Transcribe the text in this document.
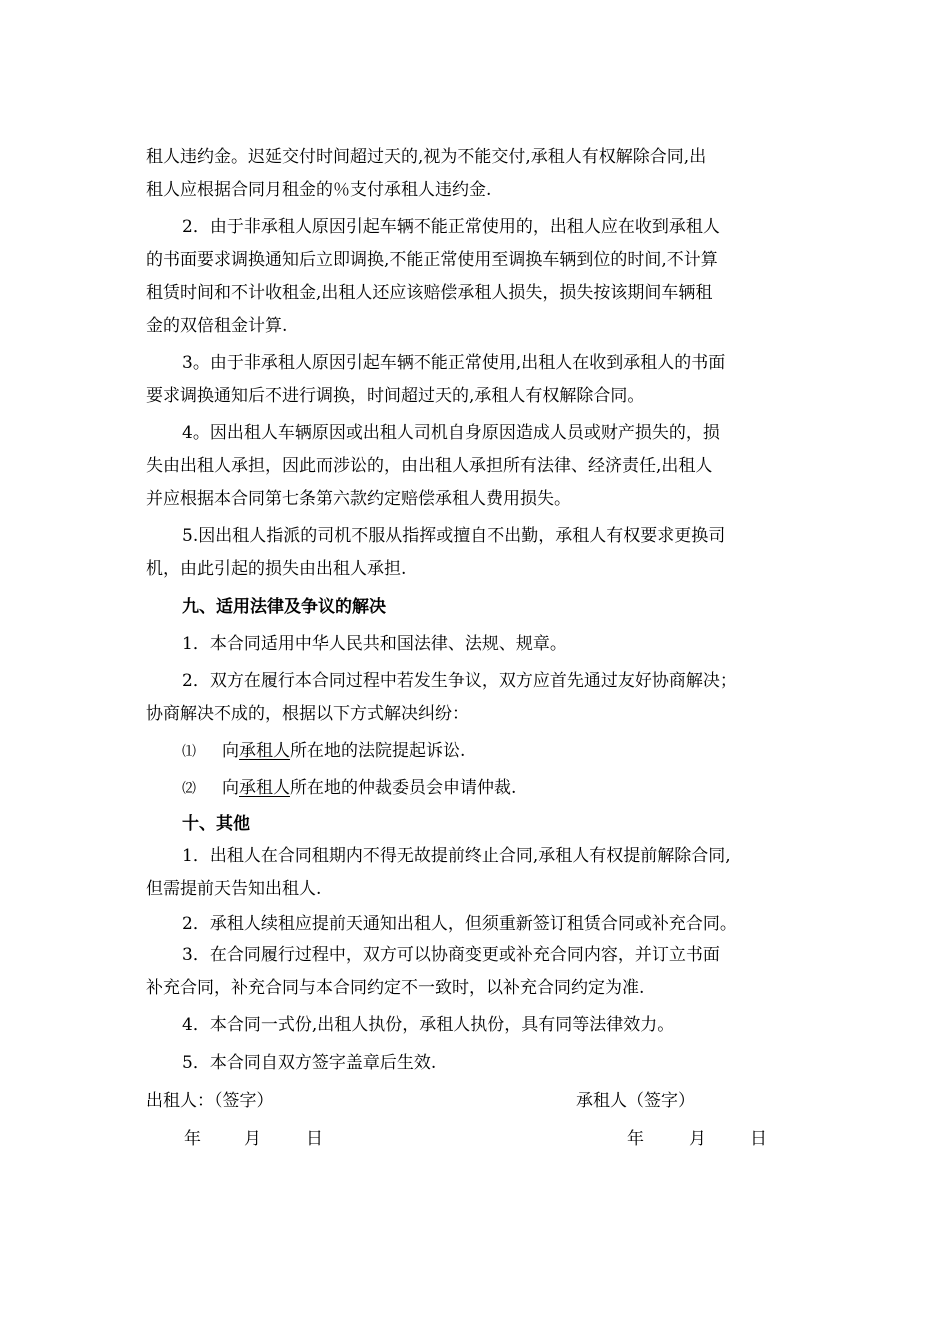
租人违约金。迟延交付时间超过天的,视为不能交付,承租人有权解除合同,出
租人应根据合同月租金的％支付承租人违约金.
2．由于非承租人原因引起车辆不能正常使用的，出租人应在收到承租人
的书面要求调换通知后立即调换,不能正常使用至调换车辆到位的时间,不计算
租赁时间和不计收租金,出租人还应该赔偿承租人损失，损失按该期间车辆租
金的双倍租金计算.
3。由于非承租人原因引起车辆不能正常使用,出租人在收到承租人的书面
要求调换通知后不进行调换，时间超过天的,承租人有权解除合同。
4。因出租人车辆原因或出租人司机自身原因造成人员或财产损失的，损
失由出租人承担，因此而涉讼的，由出租人承担所有法律、经济责任,出租人
并应根据本合同第七条第六款约定赔偿承租人费用损失。
5.因出租人指派的司机不服从指挥或擅自不出勤，承租人有权要求更换司
机，由此引起的损失由出租人承担.
九、适用法律及争议的解决
1．本合同适用中华人民共和国法律、法规、规章。
2．双方在履行本合同过程中若发生争议，双方应首先通过友好协商解决；
协商解决不成的，根据以下方式解决纠纷：
⑴ 向承租人所在地的法院提起诉讼.
⑵ 向承租人所在地的仲裁委员会申请仲裁.
十、其他
1．出租人在合同租期内不得无故提前终止合同,承租人有权提前解除合同,
但需提前天告知出租人.
2．承租人续租应提前天通知出租人，但须重新签订租赁合同或补充合同。
3．在合同履行过程中，双方可以协商变更或补充合同内容，并订立书面
补充合同，补充合同与本合同约定不一致时，以补充合同约定为准.
4．本合同一式份,出租人执份，承租人执份，具有同等法律效力。
5．本合同自双方签字盖章后生效.
出租人：（签字）	承租人（签字）
年	月	日	年	月	日
